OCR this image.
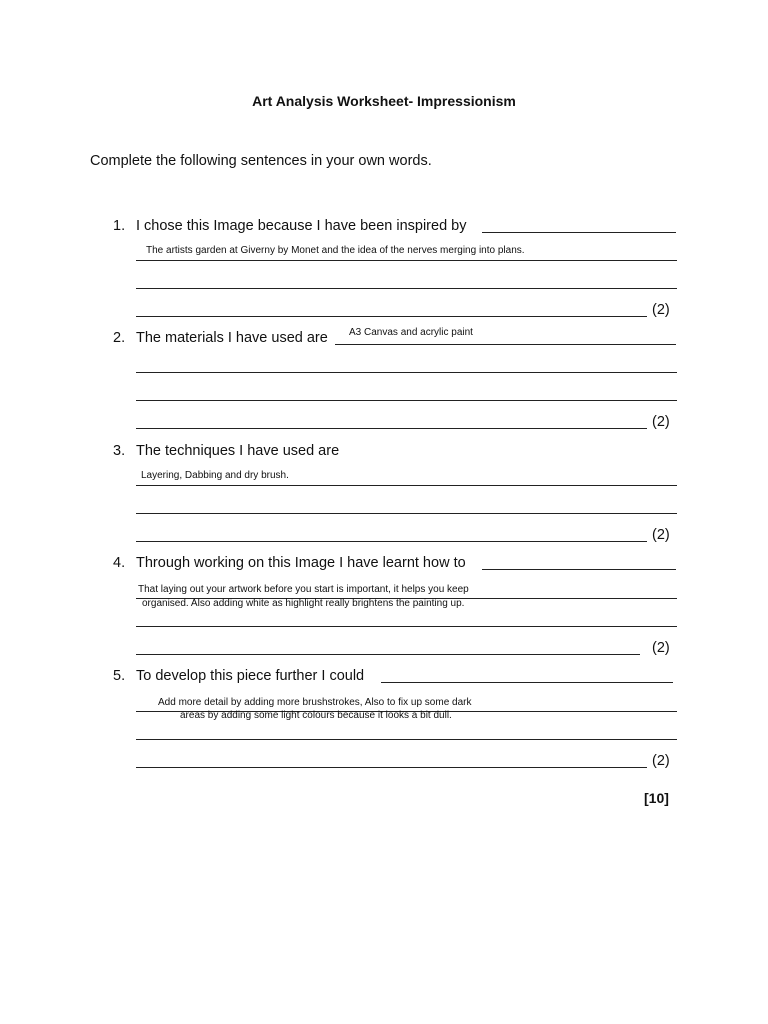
Art Analysis Worksheet- Impressionism
Complete the following sentences in your own words.
1. I chose this Image because I have been inspired by
The artists garden at Giverny by Monet and the idea of the nerves merging into plans.
(2)
2. The materials I have used are A3 Canvas and acrylic paint
(2)
3. The techniques I have used are
Layering, Dabbing and dry brush.
(2)
4. Through working on this Image I have learnt how to
That laying out your artwork before you start is important, it helps you keep
organised. Also adding white as highlight really brightens the painting up.
(2)
5. To develop this piece further I could
Add more detail by adding more brushstrokes, Also to fix up some dark
areas by adding some light colours because it looks a bit dull.
(2)
[10]
